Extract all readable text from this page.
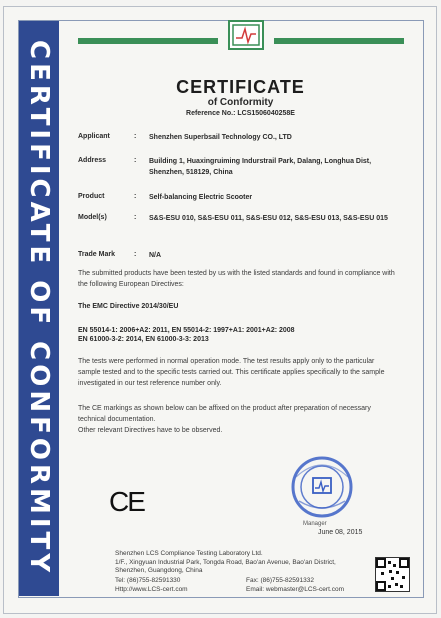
CERTIFICATE OF CONFORMITY	CERTIFICATE
of Conformity
Reference No.: LCS1506040258E
Applicant	: Shenzhen Superbsail Technology CO., LTD
Address	: Building 1, Huaxingruiming Indurstrail Park, Dalang, Longhua Dist, Shenzhen, 518129, China
Product	: Self-balancing Electric Scooter
Model(s)	: S&S-ESU 010, S&S-ESU 011, S&S-ESU 012, S&S-ESU 013, S&S-ESU 015
Trade Mark	: N/A
The submitted products have been tested by us with the listed standards and found in compliance with the following European Directives:
The EMC Directive 2014/30/EU
EN 55014-1: 2006+A2: 2011, EN 55014-2: 1997+A1: 2001+A2: 2008
EN 61000-3-2: 2014, EN 61000-3-3: 2013
The tests were performed in normal operation mode. The test results apply only to the particular sample tested and to the specific tests carried out. This certificate applies specifically to the sample investigated in our test reference number only.
The CE markings as shown below can be affixed on the product after preparation of necessary technical documentation.
Other relevant Directives have to be observed.
CE
Manager
June 08, 2015
Shenzhen LCS Compliance Testing Laboratory Ltd.
1/F., Xingyuan Industrial Park, Tongda Road, Bao'an Avenue, Bao'an District, Shenzhen, Guangdong, China
Tel: (86)755-82591330	Fax: (86)755-82591332
Http://www.LCS-cert.com	Email: webmaster@LCS-cert.com
